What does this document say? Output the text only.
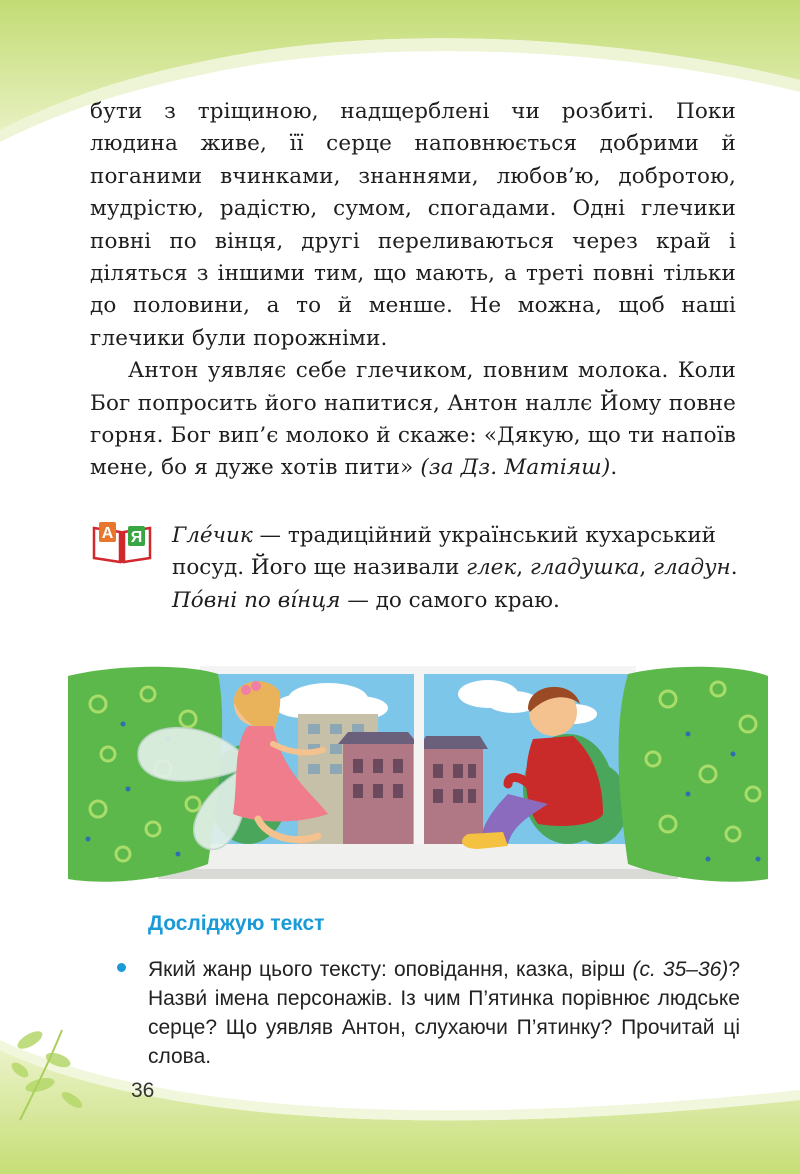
бути з тріщиною, надщерблені чи розбиті. Поки людина живе, її серце наповнюється добрими й поганими вчинками, знаннями, любов’ю, добротою, мудрістю, радістю, сумом, спогадами. Одні глечики повні по вінця, другі переливаються через край і діляться з іншими тим, що мають, а треті повні тільки до половини, а то й менше. Не можна, щоб наші глечики були порожніми.

Антон уявляє себе глечиком, повним молока. Коли Бог попросить його напитися, Антон наллє Йому повне горня. Бог вип’є молоко й скаже: «Дякую, що ти напоїв мене, бо я дуже хотів пити» (за Дз. Матіяш).

А Я Гле́чик — традиційний український кухарський посуд. Його ще називали глек, гладушка, гладун.

По́вні по ві́нця — до самого краю.

Досліджую текст

Який жанр цього тексту: оповідання, казка, вірш (с. 35–36)? Назви́ імена персонажів. Із чим П’ятинка порівнює людське серце? Що уявляв Антон, слухаючи П’ятинку? Прочитай ці слова.

36
